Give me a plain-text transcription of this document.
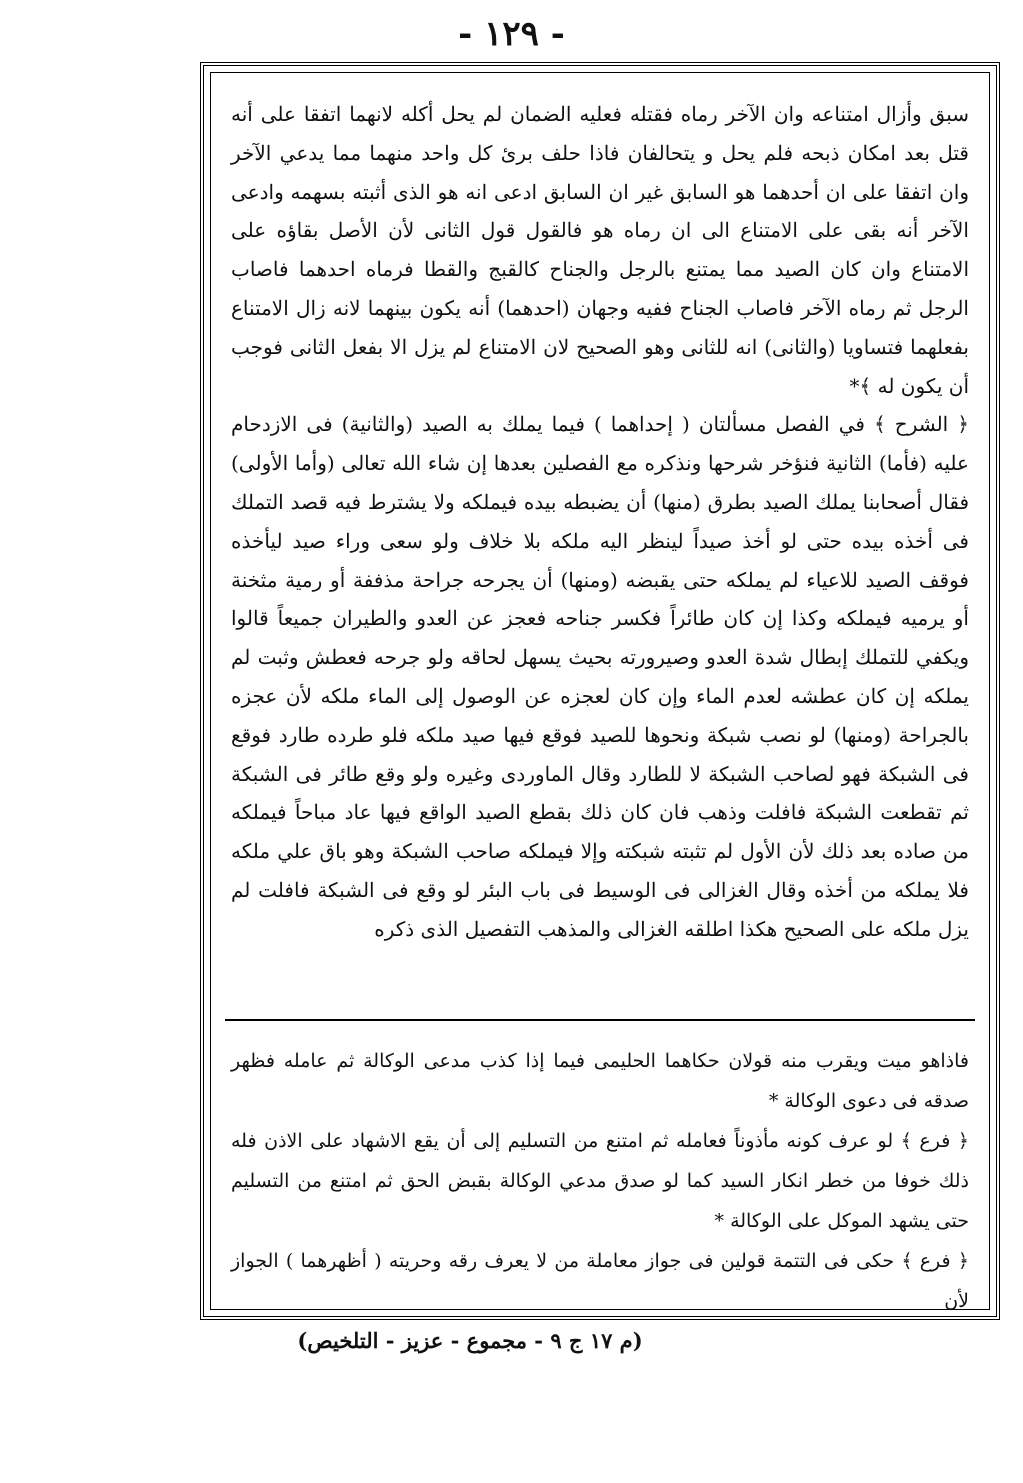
- ١٢٩ -

سبق وأزال امتناعه وان الآخر رماه فقتله فعليه الضمان لم يحل أكله لانهما اتفقا على أنه قتل بعد امكان ذبحه فلم يحل و يتحالفان فاذا حلف برئ كل واحد منهما مما يدعي الآخر وان اتفقا على ان أحدهما هو السابق غير ان السابق ادعى انه هو الذى أثبته بسهمه وادعى الآخر أنه بقى على الامتناع الى ان رماه هو فالقول قول الثانى لأن الأصل بقاؤه على الامتناع وان كان الصيد مما يمتنع بالرجل والجناح كالقبج والقطا فرماه احدهما فاصاب الرجل ثم رماه الآخر فاصاب الجناح ففيه وجهان (احدهما) أنه يكون بينهما لانه زال الامتناع بفعلهما فتساويا (والثانى) انه للثانى وهو الصحيح لان الامتناع لم يزل الا بفعل الثانى فوجب أن يكون له ﴾*

﴿ الشرح ﴾ في الفصل مسألتان ( إحداهما ) فيما يملك به الصيد (والثانية) فى الازدحام عليه (فأما) الثانية فنؤخر شرحها ونذكره مع الفصلين بعدها إن شاء الله تعالى (وأما الأولى) فقال أصحابنا يملك الصيد بطرق (منها) أن يضبطه بيده فيملكه ولا يشترط فيه قصد التملك فى أخذه بيده حتى لو أخذ صيداً لينظر اليه ملكه بلا خلاف ولو سعى وراء صيد ليأخذه فوقف الصيد للاعياء لم يملكه حتى يقبضه (ومنها) أن يجرحه جراحة مذففة أو رمية مثخنة أو يرميه فيملكه وكذا إن كان طائراً فكسر جناحه فعجز عن العدو والطيران جميعاً قالوا ويكفي للتملك إبطال شدة العدو وصيرورته بحيث يسهل لحاقه ولو جرحه فعطش وثبت لم يملكه إن كان عطشه لعدم الماء وإن كان لعجزه عن الوصول إلى الماء ملكه لأن عجزه بالجراحة (ومنها) لو نصب شبكة ونحوها للصيد فوقع فيها صيد ملكه فلو طرده طارد فوقع فى الشبكة فهو لصاحب الشبكة لا للطارد وقال الماوردى وغيره ولو وقع طائر فى الشبكة ثم تقطعت الشبكة فافلت وذهب فان كان ذلك بقطع الصيد الواقع فيها عاد مباحاً فيملكه من صاده بعد ذلك لأن الأول لم تثبته شبكته وإلا فيملكه صاحب الشبكة وهو باق علي ملكه فلا يملكه من أخذه وقال الغزالى فى الوسيط فى باب البئر لو وقع فى الشبكة فافلت لم يزل ملكه على الصحيح هكذا اطلقه الغزالى والمذهب التفصيل الذى ذكره

فاذاهو ميت ويقرب منه قولان حكاهما الحليمى فيما إذا كذب مدعى الوكالة ثم عامله فظهر صدقه فى دعوى الوكالة *

﴿ فرع ﴾ لو عرف كونه مأذوناً فعامله ثم امتنع من التسليم إلى أن يقع الاشهاد على الاذن فله ذلك خوفا من خطر انكار السيد كما لو صدق مدعي الوكالة بقبض الحق ثم امتنع من التسليم حتى يشهد الموكل على الوكالة *

﴿ فرع ﴾ حكى فى التتمة قولين فى جواز معاملة من لا يعرف رقه وحريته ( أظهرهما ) الجواز لأن

(م ١٧ ج ٩ - مجموع - عزيز - التلخيص)
